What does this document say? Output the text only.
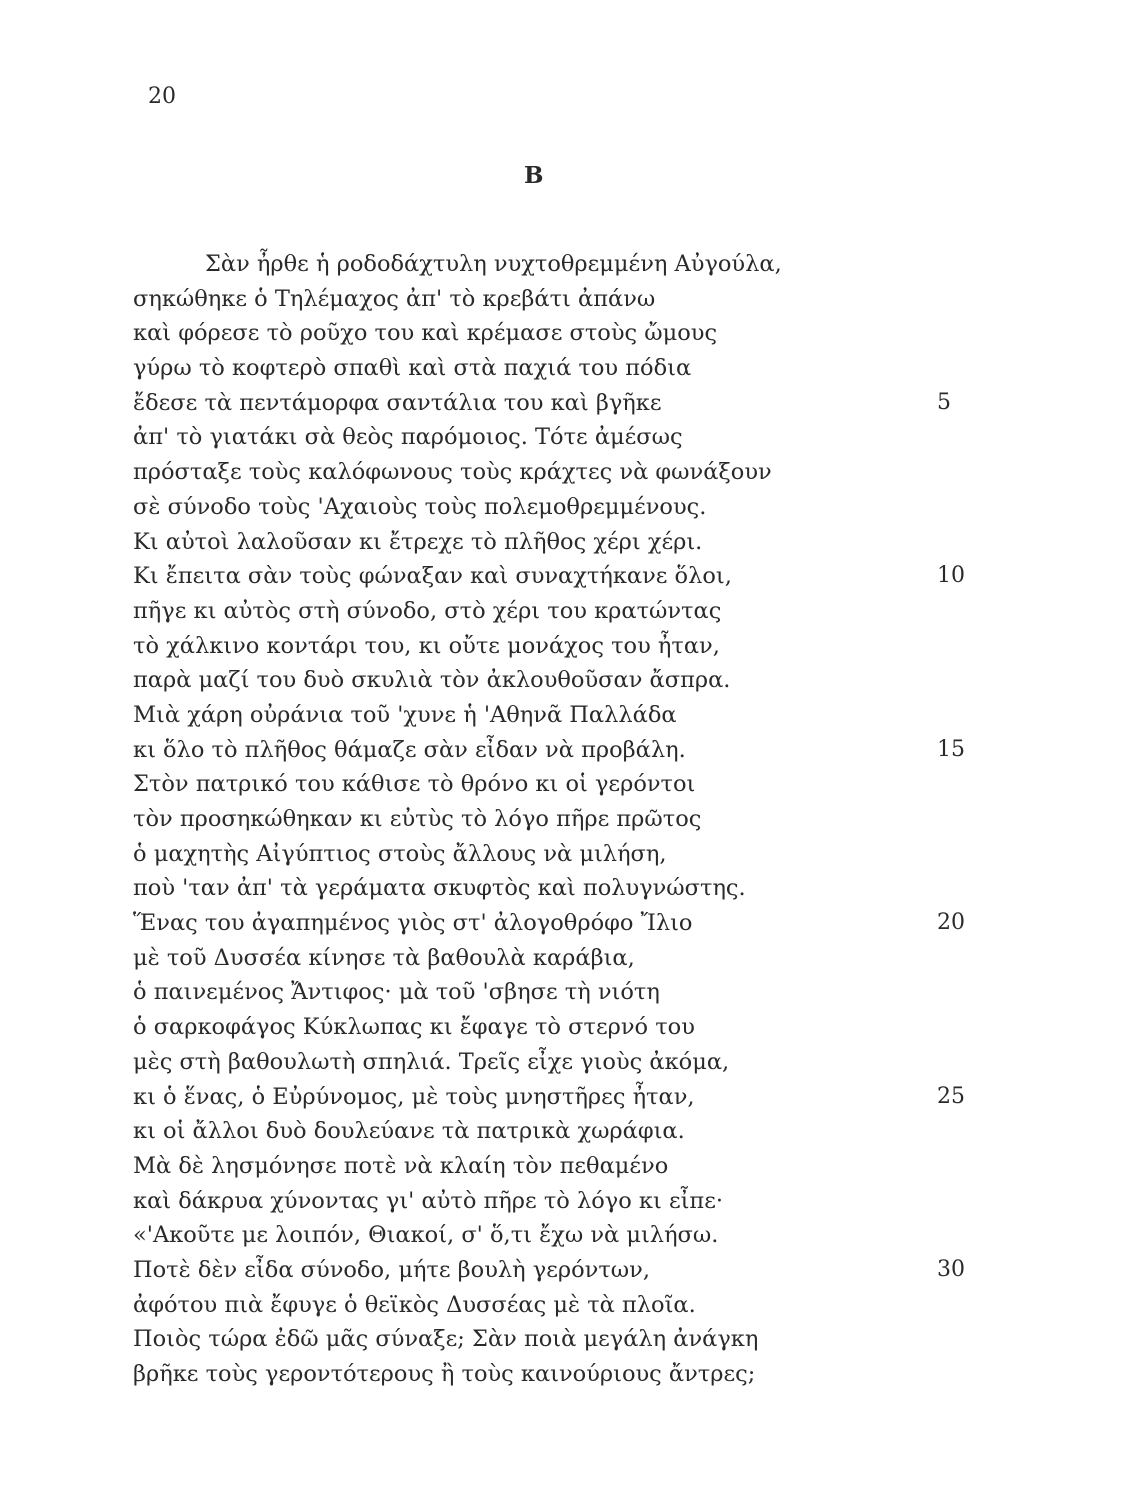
20
Β
Σὰν ἦρθε ἡ ροδοδάχτυλη νυχτοθρεμμένη Αὐγούλα,
σηκώθηκε ὁ Τηλέμαχος ἀπ' τὸ κρεβάτι ἀπάνω
καὶ φόρεσε τὸ ροῦχο του καὶ κρέμασε στοὺς ὤμους
γύρω τὸ κοφτερὸ σπαθὶ καὶ στὰ παχιά του πόδια
ἔδεσε τὰ πεντάμορφα σαντάλια του καὶ βγῆκε	5
ἀπ' τὸ γιατάκι σὰ θεὸς παρόμοιος. Τότε ἀμέσως
πρόσταξε τοὺς καλόφωνους τοὺς κράχτες νὰ φωνάξουν
σὲ σύνοδο τοὺς 'Αχαιοὺς τοὺς πολεμοθρεμμένους.
Κι αὐτοὶ λαλοῦσαν κι ἔτρεχε τὸ πλῆθος χέρι χέρι.
Κι ἔπειτα σὰν τοὺς φώναξαν καὶ συναχτήκανε ὅλοι,	10
πῆγε κι αὐτὸς στὴ σύνοδο, στὸ χέρι του κρατώντας
τὸ χάλκινο κοντάρι του, κι οὔτε μονάχος του ἦταν,
παρὰ μαζί του δυὸ σκυλιὰ τὸν ἀκλουθοῦσαν ἄσπρα.
Μιὰ χάρη οὐράνια τοῦ 'χυνε ἡ 'Αθηνᾶ Παλλάδα
κι ὅλο τὸ πλῆθος θάμαζε σὰν εἶδαν νὰ προβάλη.	15
Στὸν πατρικό του κάθισε τὸ θρόνο κι οἱ γερόντοι
τὸν προσηκώθηκαν κι εὐτὺς τὸ λόγο πῆρε πρῶτος
ὁ μαχητὴς Αἰγύπτιος στοὺς ἄλλους νὰ μιλήση,
ποὺ 'ταν ἀπ' τὰ γεράματα σκυφτὸς καὶ πολυγνώστης.
Ἕνας του ἀγαπημένος γιὸς στ' ἀλογοθρόφο Ἴλιο	20
μὲ τοῦ Δυσσέα κίνησε τὰ βαθουλὰ καράβια,
ὁ παινεμένος Ἄντιφος· μὰ τοῦ 'σβησε τὴ νιότη
ὁ σαρκοφάγος Κύκλωπας κι ἔφαγε τὸ στερνό του
μὲς στὴ βαθουλωτὴ σπηλιά. Τρεῖς εἶχε γιοὺς ἀκόμα,
κι ὁ ἕνας, ὁ Εὐρύνομος, μὲ τοὺς μνηστῆρες ἦταν,	25
κι οἱ ἄλλοι δυὸ δουλεύανε τὰ πατρικὰ χωράφια.
Μὰ δὲ λησμόνησε ποτὲ νὰ κλαίη τὸν πεθαμένο
καὶ δάκρυα χύνοντας γι' αὐτὸ πῆρε τὸ λόγο κι εἶπε·
«'Ακοῦτε με λοιπόν, Θιακοί, σ' ὅ,τι ἔχω νὰ μιλήσω.
Ποτὲ δὲν εἶδα σύνοδο, μήτε βουλὴ γερόντων,	30
ἀφότου πιὰ ἔφυγε ὁ θεϊκὸς Δυσσέας μὲ τὰ πλοῖα.
Ποιὸς τώρα ἐδῶ μᾶς σύναξε; Σὰν ποιὰ μεγάλη ἀνάγκη
βρῆκε τοὺς γεροντότερους ἢ τοὺς καινούριους ἄντρες;
